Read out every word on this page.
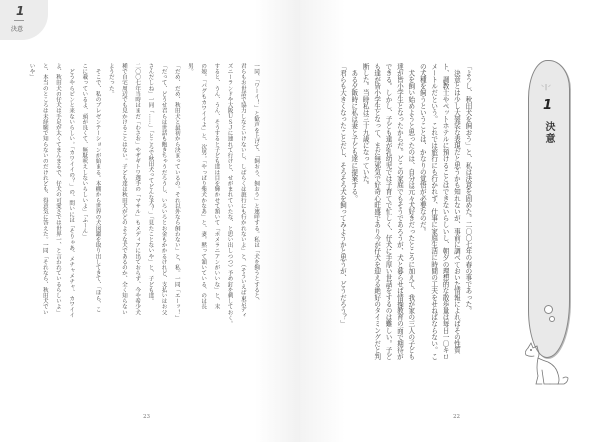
1
決意
一同、「ワーイ！」と歓声を上げて、「飼おう、飼おう」と連呼する。私は「犬を飼うとすると、
君らもお世話で協力しなといけないし、しばらくは旅行にも行かれないよ」と、（そういえば東京ディ
ズニーランドや大阪ＵＳＪに連れて行けと、せがまれていたな、と思い出しつつ）予め釘を刺しておく。
すると、うん、うん、そうすると子ども達は目を輝かせて頷いて「ポメラニアンがいいな」と、末
の娘。「パグもカワイイよ」と、次男。「やっぱり柴犬かなあ」と、妻。黙って頷いている、のは長
男。
「だめ、だめ、秋田犬と最初から決まっているの。それ以外なら飼わない」と、私。一同「エーッ！」
「だって、どうせ君らは世話も飽きちゃうだろうし、いろいろとお金もかかるけれど、支払いはお父
さんだしね」一同「……」「ところで秋田犬ってどんな犬？」「見たことないや」と、子ども達。
二〇〇七年当時はまだ「わさお」やザギトワ選手の「マサル」もメディアに出ておらず、今や希少犬
種で自宅周辺でも見かけることはない。子ども達は秋田犬がどのような犬であるのか、全く知らない
ようだった。
　そこで、私のプレゼンテーションが始まる。本棚から世界の犬図鑑を取り出してきて、「ほら、こ
こに載っているよ、頭が良くて、無駄吠えしないらしいよ」「ふーん」
　どうやらピンと来ないらしい。「カワイイの？」の、問いには「そりゃあ、メチャメチャ、カワイイ
よ、秋田犬の仔犬は手足が太くてまんまるで、仔犬の可愛さでは世界一、と言われているらしいよ」
と、本当のところは未経験で知らないのだけれども、得意気に答えた。一同「それなら、秋田犬でい
いや」
23
「ようし、秋田犬を飼おう」と、私は決意を固めた。二〇〇七年の春の事であった。
　決意とは少し大袈裟な表現だと思うかも知れないが、事前に調べておいた情報によればその性質
ト、調教士やペットホテルに預けることはできないらしいし、朝夕の理想的な散歩量は毎日一〇キロ
メートルだという。これでは旅行にも行かれず、仕事に家庭生活に時間の工夫をせねばならない。こ
の犬種を飼うということは、かなりの覚悟が必要なのだ。
　犬を飼い始めようと思ったのは、自分は元々犬好きだったところに加えて、我が家の三人の子ども
達が皆小学生となったからだ。どこの家庭でもそうであろうが、犬と暮らせば情操教育の面で期待が
できる。しかし、子ども達が乳幼児では子育てで忙しく、仔犬に手厚い世話をするのは難しい。子ど
も達が皆小学生となって、まだ無邪気で好奇心旺盛であり今が仔犬を迎える絶好のタイミングだと判
断した。当時私は三十九歳になっていた。
　ある夕飯時に私は妻と子ども達に提案する。
「君らも大きくなったことだし、そろそろ犬を飼ってみようかと思うが、どうだろう？」
22
⸌|⸍
1
決意
